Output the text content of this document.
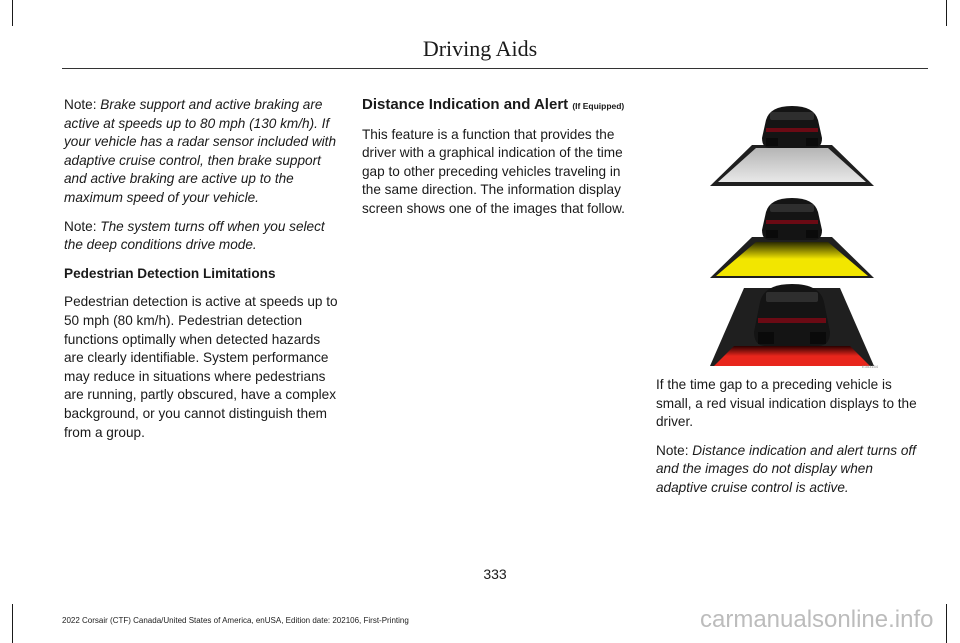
Driving Aids

Note: Brake support and active braking are active at speeds up to 80 mph (130 km/h). If your vehicle has a radar sensor included with adaptive cruise control, then brake support and active braking are active up to the maximum speed of your vehicle.

Note: The system turns off when you select the deep conditions drive mode.

Pedestrian Detection Limitations

Pedestrian detection is active at speeds up to 50 mph (80 km/h). Pedestrian detection functions optimally when detected hazards are clearly identifiable. System performance may reduce in situations where pedestrians are running, partly obscured, have a complex background, or you cannot distinguish them from a group.

Distance Indication and Alert (If Equipped)

This feature is a function that provides the driver with a graphical indication of the time gap to other preceding vehicles traveling in the same direction. The information display screen shows one of the images that follow.

E353154

If the time gap to a preceding vehicle is small, a red visual indication displays to the driver.

Note: Distance indication and alert turns off and the images do not display when adaptive cruise control is active.

333
2022 Corsair (CTF) Canada/United States of America, enUSA, Edition date: 202106, First-Printing	carmanualsonline.info
